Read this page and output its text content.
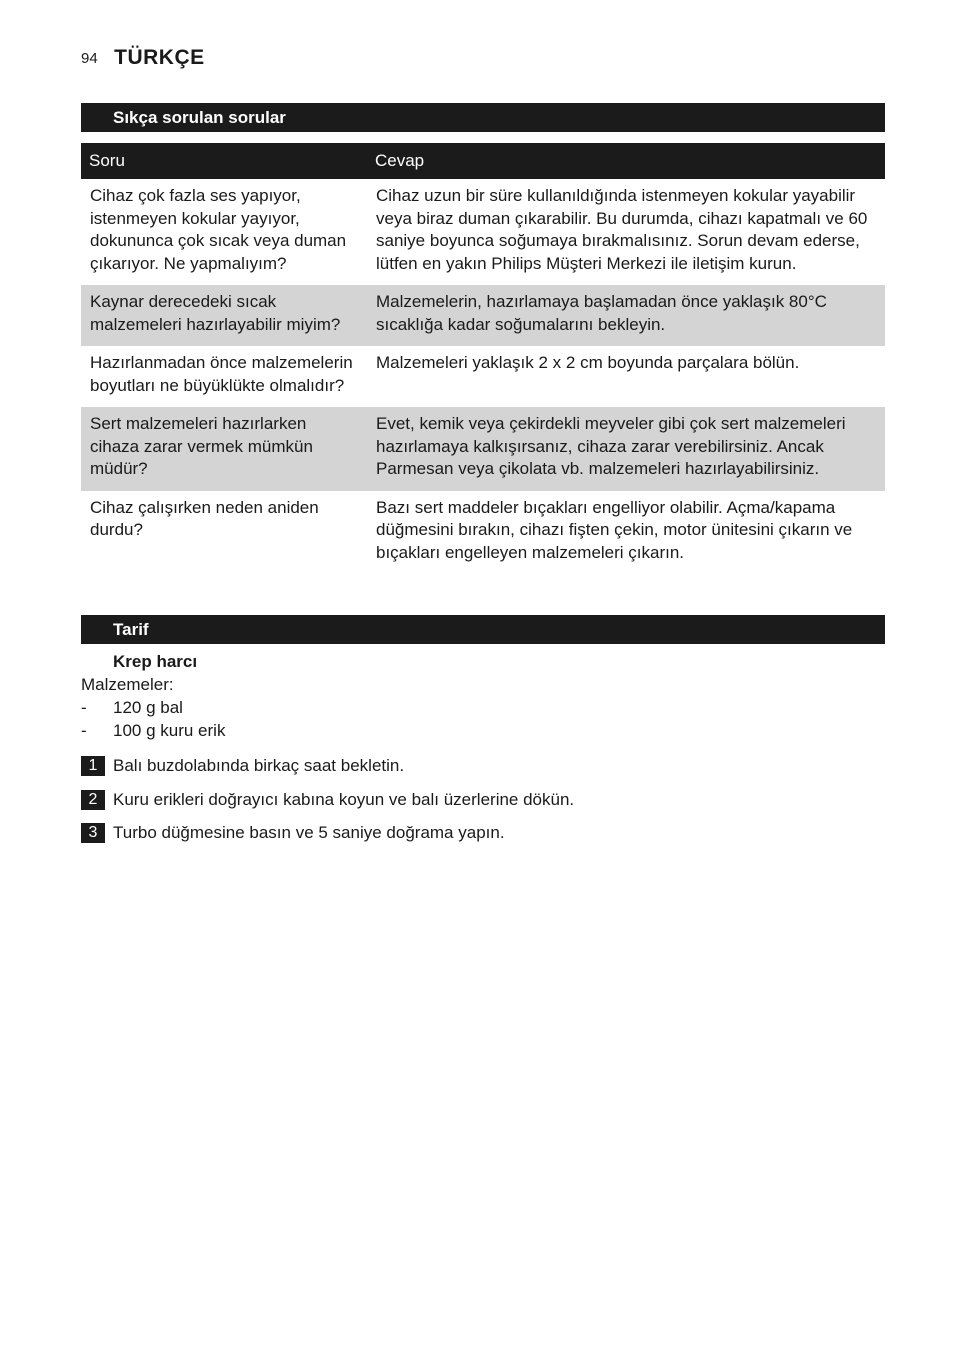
94 TÜRKÇE
Sıkça sorulan sorular
Soru	Cevap
Cihaz çok fazla ses yapıyor, istenmeyen kokular yayıyor, dokununca çok sıcak veya duman çıkarıyor. Ne yapmalıyım?	Cihaz uzun bir süre kullanıldığında istenmeyen kokular yayabilir veya biraz duman çıkarabilir. Bu durumda, cihazı kapatmalı ve 60 saniye boyunca soğumaya bırakmalısınız. Sorun devam ederse, lütfen en yakın Philips Müşteri Merkezi ile iletişim kurun.
Kaynar derecedeki sıcak malzemeleri hazırlayabilir miyim?	Malzemelerin, hazırlamaya başlamadan önce yaklaşık 80°C sıcaklığa kadar soğumalarını bekleyin.
Hazırlanmadan önce malzemelerin boyutları ne büyüklükte olmalıdır?	Malzemeleri yaklaşık 2 x 2 cm boyunda parçalara bölün.
Sert malzemeleri hazırlarken cihaza zarar vermek mümkün müdür?	Evet, kemik veya çekirdekli meyveler gibi çok sert malzemeleri hazırlamaya kalkışırsanız, cihaza zarar verebilirsiniz. Ancak Parmesan veya çikolata vb. malzemeleri hazırlayabilirsiniz.
Cihaz çalışırken neden aniden durdu?	Bazı sert maddeler bıçakları engelliyor olabilir. Açma/kapama düğmesini bırakın, cihazı fişten çekin, motor ünitesini çıkarın ve bıçakları engelleyen malzemeleri çıkarın.
Tarif
Krep harcı
Malzemeler:
- 120 g bal
- 100 g kuru erik
1 Balı buzdolabında birkaç saat bekletin.
2 Kuru erikleri doğrayıcı kabına koyun ve balı üzerlerine dökün.
3 Turbo düğmesine basın ve 5 saniye doğrama yapın.
